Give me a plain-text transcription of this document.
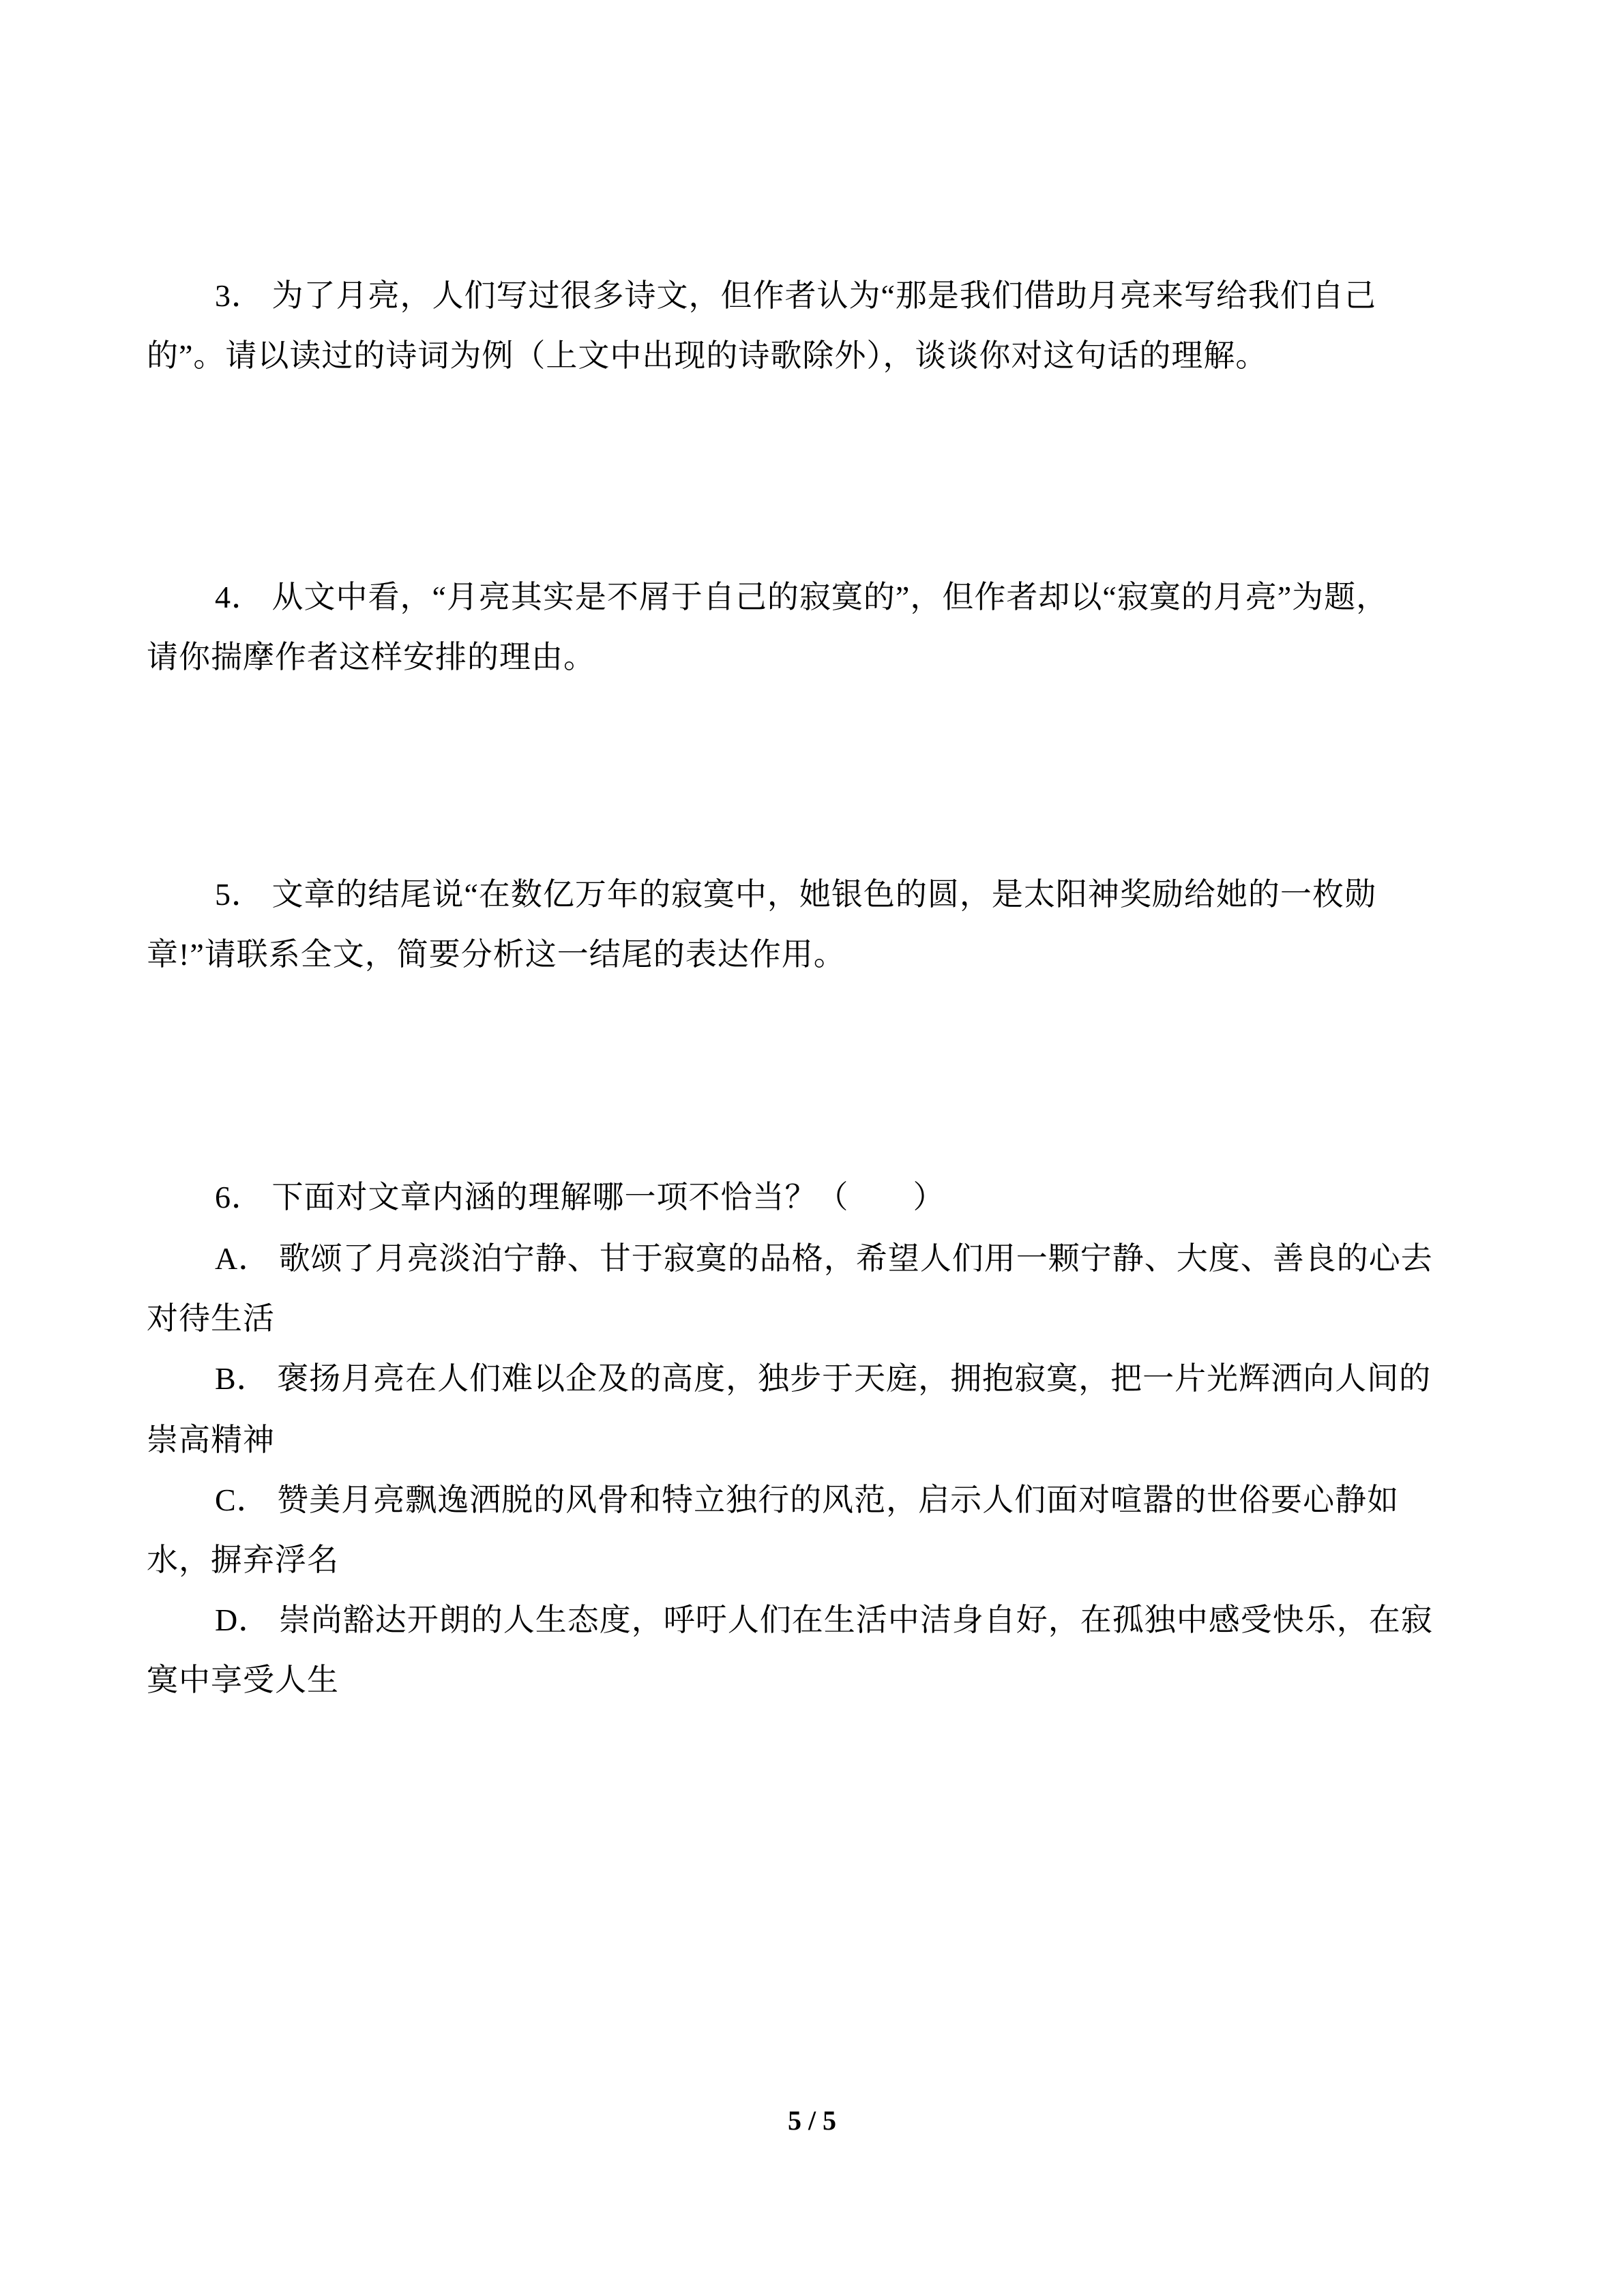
3． 为了月亮，人们写过很多诗文，但作者认为“那是我们借助月亮来写给我们自己
的”。请以读过的诗词为例（上文中出现的诗歌除外），谈谈你对这句话的理解。
4． 从文中看，“月亮其实是不屑于自己的寂寞的”，但作者却以“寂寞的月亮”为题，
请你揣摩作者这样安排的理由。
5． 文章的结尾说“在数亿万年的寂寞中，她银色的圆，是太阳神奖励给她的一枚勋
章!”请联系全文，简要分析这一结尾的表达作用。
6． 下面对文章内涵的理解哪一项不恰当？（　　）
A． 歌颂了月亮淡泊宁静、甘于寂寞的品格，希望人们用一颗宁静、大度、善良的心去
对待生活
B． 褒扬月亮在人们难以企及的高度，独步于天庭，拥抱寂寞，把一片光辉洒向人间的
崇高精神
C． 赞美月亮飘逸洒脱的风骨和特立独行的风范，启示人们面对喧嚣的世俗要心静如
水，摒弃浮名
D． 崇尚豁达开朗的人生态度，呼吁人们在生活中洁身自好，在孤独中感受快乐，在寂
寞中享受人生
5 / 5
